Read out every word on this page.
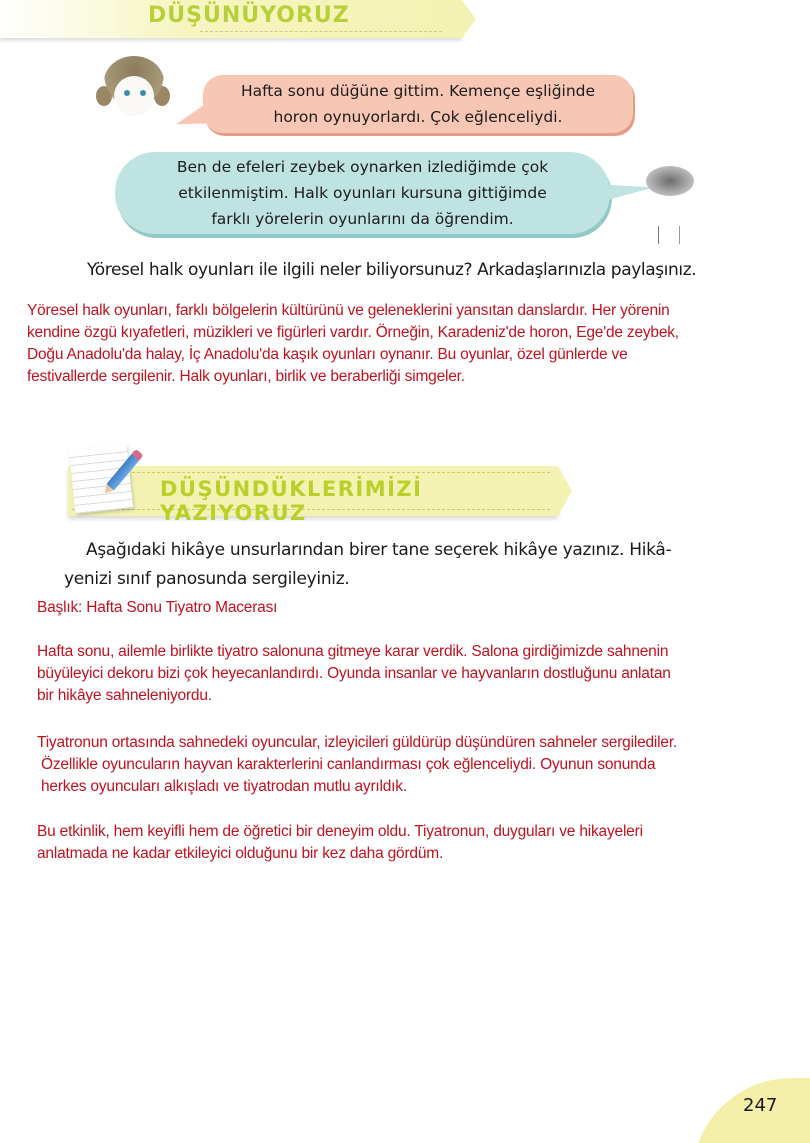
DÜŞÜNÜYORUZ
Hafta sonu düğüne gittim. Kemençe eşliğinde
horon oynuyorlardı. Çok eğlenceliydi.
Ben de efeleri zeybek oynarken izlediğimde çok
etkilenmiştim. Halk oyunları kursuna gittiğimde
farklı yörelerin oyunlarını da öğrendim.
Yöresel halk oyunları ile ilgili neler biliyorsunuz? Arkadaşlarınızla paylaşınız.
Yöresel halk oyunları, farklı bölgelerin kültürünü ve geleneklerini yansıtan danslardır. Her yörenin
kendine özgü kıyafetleri, müzikleri ve figürleri vardır. Örneğin, Karadeniz'de horon, Ege'de zeybek,
Doğu Anadolu'da halay, İç Anadolu'da kaşık oyunları oynanır. Bu oyunlar, özel günlerde ve
festivallerde sergilenir. Halk oyunları, birlik ve beraberliği simgeler.
DÜŞÜNDÜKLERİMİZİ YAZIYORUZ
Aşağıdaki hikâye unsurlarından birer tane seçerek hikâye yazınız. Hikâ-
yenizi sınıf panosunda sergileyiniz.
Başlık: Hafta Sonu Tiyatro Macerası
Hafta sonu, ailemle birlikte tiyatro salonuna gitmeye karar verdik. Salona girdiğimizde sahnenin
büyüleyici dekoru bizi çok heyecanlandırdı. Oyunda insanlar ve hayvanların dostluğunu anlatan
bir hikâye sahneleniyordu.
Tiyatronun ortasında sahnedeki oyuncular, izleyicileri güldürüp düşündüren sahneler sergilediler.
Özellikle oyuncuların hayvan karakterlerini canlandırması çok eğlenceliydi. Oyunun sonunda
herkes oyuncuları alkışladı ve tiyatrodan mutlu ayrıldık.
Bu etkinlik, hem keyifli hem de öğretici bir deneyim oldu. Tiyatronun, duyguları ve hikayeleri
anlatmada ne kadar etkileyici olduğunu bir kez daha gördüm.
247
